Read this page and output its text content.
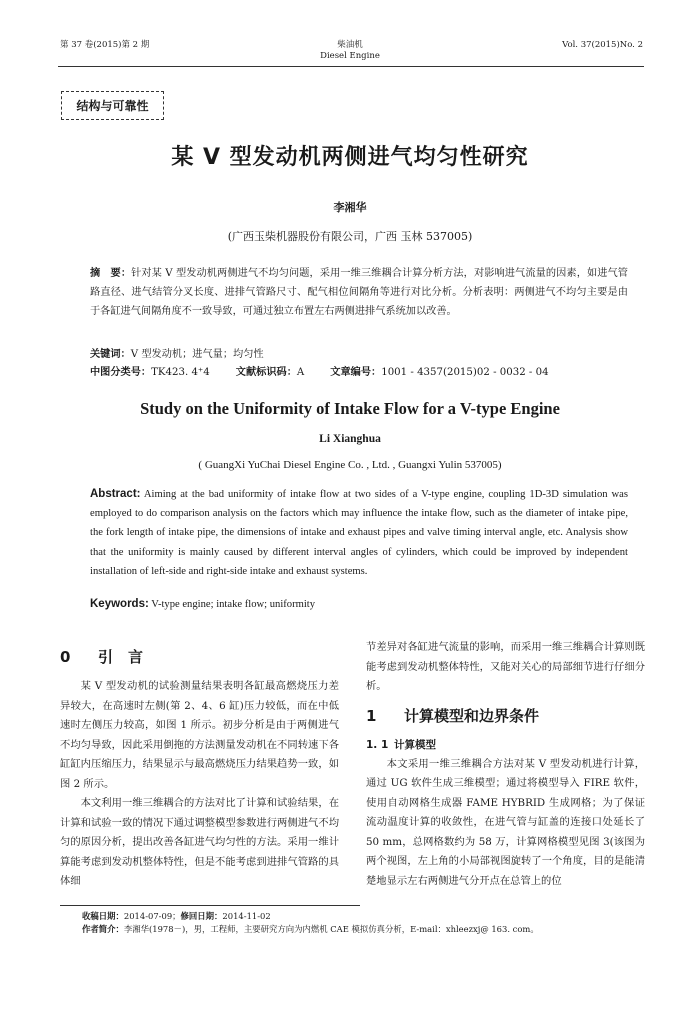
第 37 卷(2015)第 2 期	柴油机
Diesel Engine
Vol. 37(2015)No. 2
结构与可靠性
某 V 型发动机两侧进气均匀性研究
李湘华
(广西玉柴机器股份有限公司，广西 玉林 537005)
摘　要：针对某 V 型发动机两侧进气不均匀问题，采用一维三维耦合计算分析方法，对影响进气流量的因素，如进气管路直径、进气结管分叉长度、进排气管路尺寸、配气相位间隔角等进行对比分析。分析表明：两侧进气不均匀主要是由于各缸进气间隔角度不一致导致，可通过独立布置左右两侧进排气系统加以改善。
关键词：V 型发动机；进气量；均匀性
中图分类号：TK423. 4⁺4	文献标识码：A	文章编号：1001 - 4357(2015)02 - 0032 - 04
Study on the Uniformity of Intake Flow for a V-type Engine
Li Xianghua
( GuangXi YuChai Diesel Engine Co. , Ltd. , Guangxi Yulin 537005)
Abstract: Aiming at the bad uniformity of intake flow at two sides of a V-type engine, coupling 1D-3D simulation was employed to do comparison analysis on the factors which may influence the intake flow, such as the diameter of intake pipe, the fork length of intake pipe, the dimensions of intake and exhaust pipes and valve timing interval angle, etc. Analysis show that the uniformity is mainly caused by different interval angles of cylinders, which could be improved by independent installation of left-side and right-side intake and exhaust systems.
Keywords: V-type engine; intake flow; uniformity
0 引　言

某 V 型发动机的试验测量结果表明各缸最高燃烧压力差异较大，在高速时左侧(第 2、4、6 缸)压力较低，而在中低速时左侧压力较高，如图 1 所示。初步分析是由于两侧进气不均匀导致，因此采用倒拖的方法测量发动机在不同转速下各缸缸内压缩压力，结果显示与最高燃烧压力结果趋势一致，如图 2 所示。

本文利用一维三维耦合的方法对比了计算和试验结果，在计算和试验一致的情况下通过调整模型参数进行两侧进气不均匀的原因分析，提出改善各缸进气均匀性的方法。采用一维计算能考虑到发动机整体特性，但是不能考虑到进排气管路的具体细

节差异对各缸进气流量的影响，而采用一维三维耦合计算则既能考虑到发动机整体特性，又能对关心的局部细节进行仔细分析。

1 计算模型和边界条件
1. 1 计算模型

本文采用一维三维耦合方法对某 V 型发动机进行计算，通过 UG 软件生成三维模型；通过将模型导入 FIRE 软件，使用自动网格生成器 FAME HYBRID 生成网格；为了保证流动温度计算的收敛性，在进气管与缸盖的连接口处延长了 50 mm，总网格数约为 58 万，计算网格模型见图 3(该图为两个视图，左上角的小局部视图旋转了一个角度，目的是能清楚地显示左右两侧进气分开点在总管上的位

收稿日期：2014-07-09；修回日期：2014-11-02
作者简介：李湘华(1978－)，男，工程师，主要研究方向为内燃机 CAE 模拟仿真分析，E-mail：xhleezxj@ 163. com。
